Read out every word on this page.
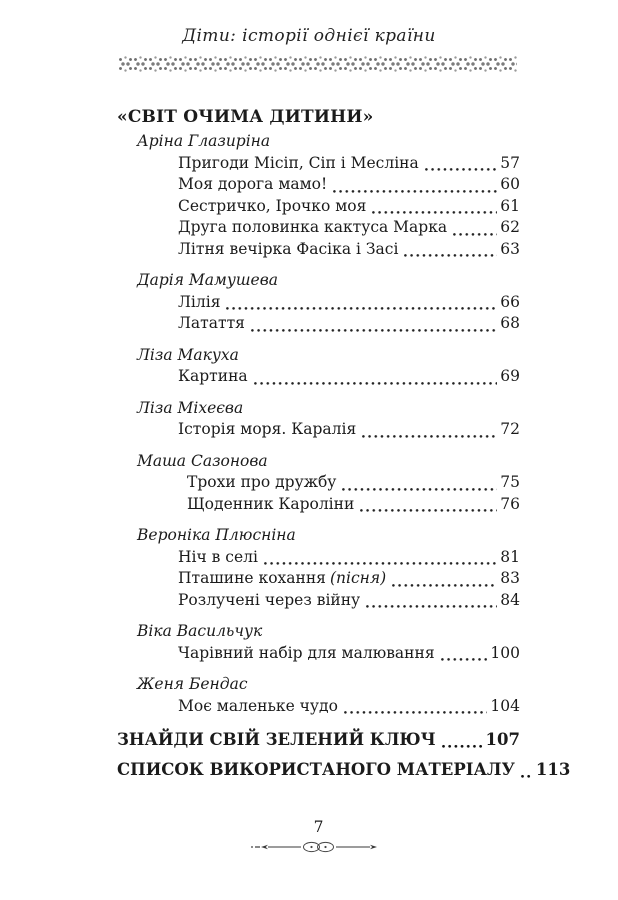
Діти: історії однієї країни
«СВІТ ОЧИМА ДИТИНИ»
Аріна Глазиріна
Пригоди Місіп, Сіп і Месліна	57
Моя дорога мамо!	60
Сестричко, Ірочко моя	61
Друга половинка кактуса Марка	62
Літня вечірка Фасіка і Засі	63
Дарія Мамушева
Лілія	66
Латаття	68
Ліза Макуха
Картина	69
Ліза Міхеєва
Історія моря. Каралія	72
Маша Сазонова
Трохи про дружбу	75
Щоденник Кароліни	76
Вероніка Плюсніна
Ніч в селі	81
Пташине кохання (пісня)	83
Розлучені через війну	84
Віка Васильчук
Чарівний набір для малювання	100
Женя Бендас
Моє маленьке чудо	104
ЗНАЙДИ СВІЙ ЗЕЛЕНИЙ КЛЮЧ	107
СПИСОК ВИКОРИСТАНОГО МАТЕРІАЛУ 113
7
